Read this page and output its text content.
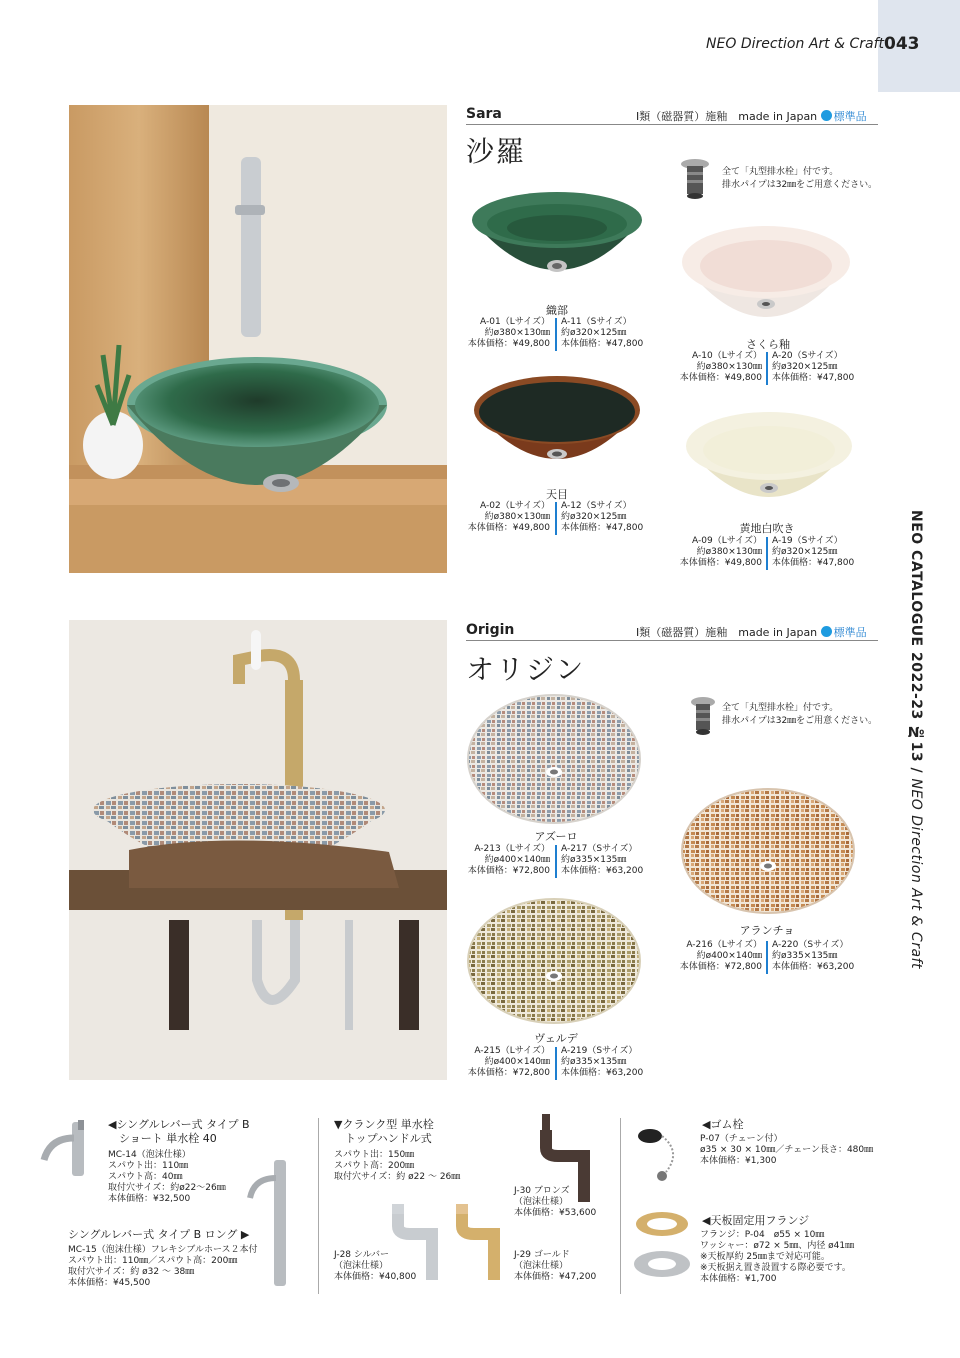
043
NEO Direction Art & Craft
NEO CATALOGUE 2022-23 №13 / NEO Direction Art & Craft
Sara	Ⅰ類（磁器質）施釉　made in Japan 標準品
沙羅
全て「丸型排水栓」付です。
排水パイプは32㎜をご用意ください。
織部
A-01（Lサイズ）
約ø380×130㎜
本体価格：¥49,800
A-11（Sサイズ）
約ø320×125㎜
本体価格：¥47,800	さくら釉
A-10（Lサイズ）
約ø380×130㎜
本体価格：¥49,800
A-20（Sサイズ）
約ø320×125㎜
本体価格：¥47,800
天目
A-02（Lサイズ）
約ø380×130㎜
本体価格：¥49,800
A-12（Sサイズ）
約ø320×125㎜
本体価格：¥47,800	黄地白吹き
A-09（Lサイズ）
約ø380×130㎜
本体価格：¥49,800
A-19（Sサイズ）
約ø320×125㎜
本体価格：¥47,800
Origin	Ⅰ類（磁器質）施釉　made in Japan 標準品
オリジン
全て「丸型排水栓」付です。
排水パイプは32㎜をご用意ください。
アズーロ
A-213（Lサイズ）
約ø400×140㎜
本体価格：¥72,800
A-217（Sサイズ）
約ø335×135㎜
本体価格：¥63,200
アランチョ
A-216（Lサイズ）
約ø400×140㎜
本体価格：¥72,800
A-220（Sサイズ）
約ø335×135㎜
本体価格：¥63,200
ヴェルデ
A-215（Lサイズ）
約ø400×140㎜
本体価格：¥72,800
A-219（Sサイズ）
約ø335×135㎜
本体価格：¥63,200
◀シングルレバー式 タイプ B
　ショート 単水栓 40
MC-14（泡沫仕様）
スパウト出：110㎜
スパウト高：40㎜
取付穴サイズ：約ø22〜26㎜
本体価格：¥32,500
シングルレバー式 タイプ B ロング ▶
MC-15（泡沫仕様）フレキシブルホース２本付
スパウト出：110㎜／スパウト高：200㎜
取付穴サイズ：約 ø32 〜 38㎜
本体価格：¥45,500
▼クランク型 単水栓
　トップハンドル式
スパウト出：150㎜
スパウト高：200㎜
取付穴サイズ：約 ø22 〜 26㎜
J-30 ブロンズ
（泡沫仕様）
本体価格：¥53,600
J-28 シルバー
（泡沫仕様）
本体価格：¥40,800
J-29 ゴールド
（泡沫仕様）
本体価格：¥47,200
◀ゴム栓
P-07（チェーン付）
ø35 × 30 × 10㎜／チェーン長さ：480㎜
本体価格：¥1,300
◀天板固定用フランジ
フランジ：P-04　ø55 × 10㎜
ワッシャー：ø72 × 5㎜、内径 ø41㎜
※天板厚約 25㎜まで対応可能。
※天板据え置き設置する際必要です。
本体価格：¥1,700
